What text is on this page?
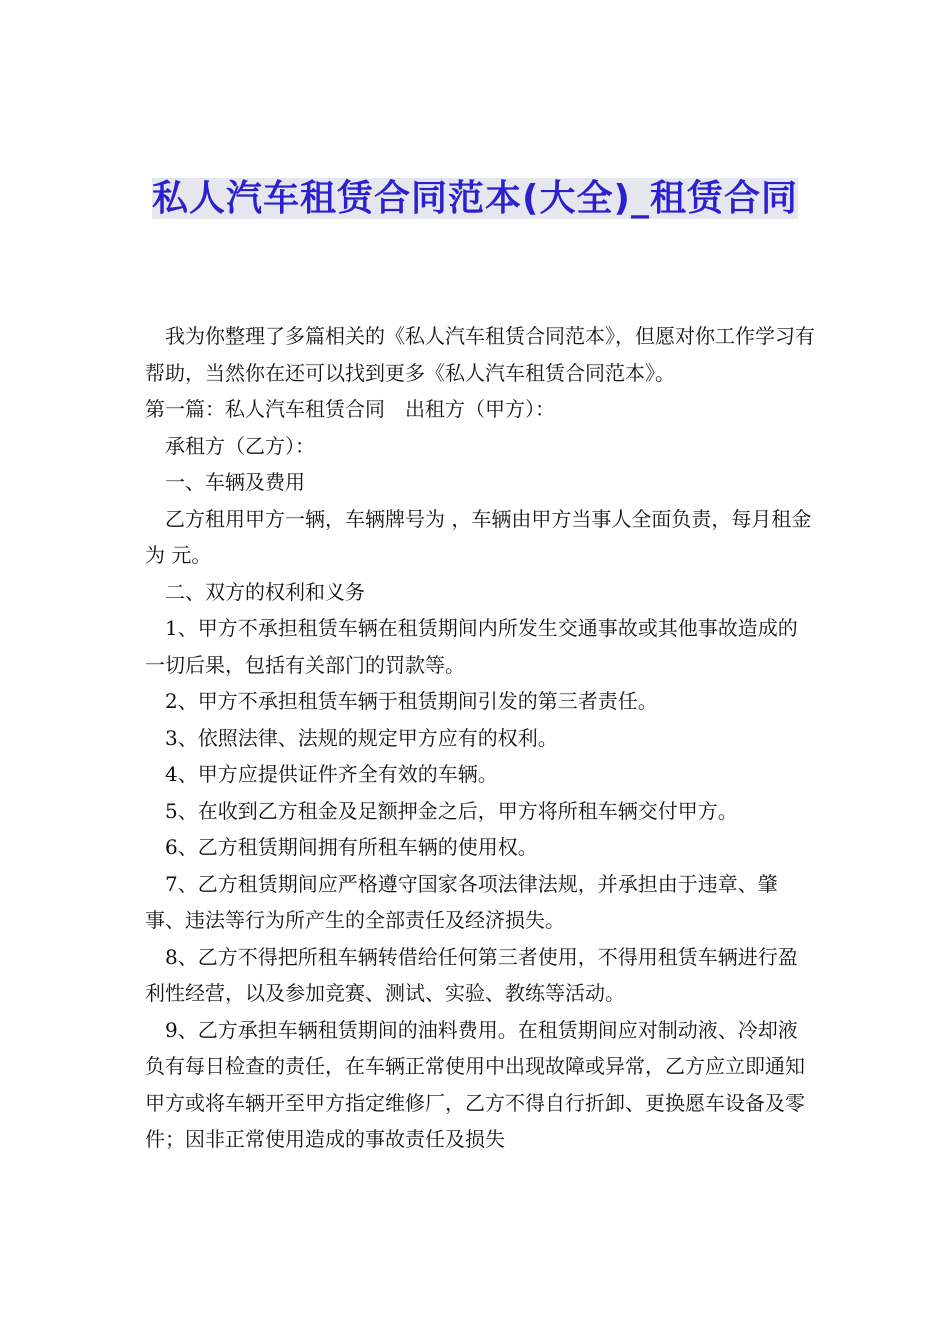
私人汽车租赁合同范本(大全)_租赁合同

我为你整理了多篇相关的《私人汽车租赁合同范本》，但愿对你工作学习有帮助，当然你在还可以找到更多《私人汽车租赁合同范本》。

第一篇：私人汽车租赁合同　出租方（甲方）：

承租方（乙方）：

一、车辆及费用

乙方租用甲方一辆，车辆牌号为 ，车辆由甲方当事人全面负责，每月租金为 元。

二、双方的权利和义务

1、甲方不承担租赁车辆在租赁期间内所发生交通事故或其他事故造成的一切后果，包括有关部门的罚款等。

2、甲方不承担租赁车辆于租赁期间引发的第三者责任。

3、依照法律、法规的规定甲方应有的权利。

4、甲方应提供证件齐全有效的车辆。

5、在收到乙方租金及足额押金之后，甲方将所租车辆交付甲方。

6、乙方租赁期间拥有所租车辆的使用权。

7、乙方租赁期间应严格遵守国家各项法律法规，并承担由于违章、肇事、违法等行为所产生的全部责任及经济损失。

8、乙方不得把所租车辆转借给任何第三者使用，不得用租赁车辆进行盈利性经营，以及参加竞赛、测试、实验、教练等活动。

9、乙方承担车辆租赁期间的油料费用。在租赁期间应对制动液、冷却液负有每日检查的责任，在车辆正常使用中出现故障或异常，乙方应立即通知甲方或将车辆开至甲方指定维修厂，乙方不得自行折卸、更换愿车设备及零件；因非正常使用造成的事故责任及损失
